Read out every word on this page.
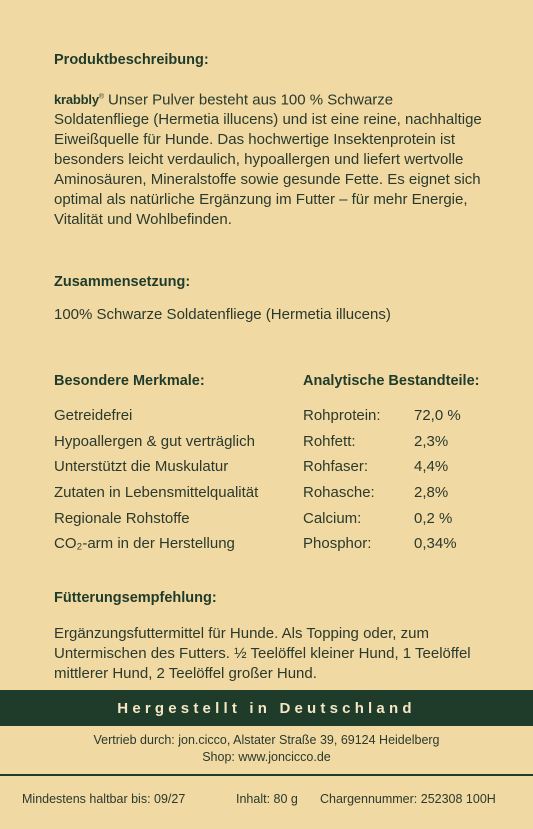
Produktbeschreibung:
krabbly® Unser Pulver besteht aus 100 % Schwarze Soldatenfliege (Hermetia illucens) und ist eine reine, nachhaltige Eiweißquelle für Hunde. Das hochwertige Insektenprotein ist besonders leicht verdaulich, hypoallergen und liefert wertvolle Aminosäuren, Mineralstoffe sowie gesunde Fette. Es eignet sich optimal als natürliche Ergänzung im Futter – für mehr Energie, Vitalität und Wohlbefinden.
Zusammensetzung:
100% Schwarze Soldatenfliege (Hermetia illucens)
Besondere Merkmale:	Analytische Bestandteile:
Getreidefrei
Hypoallergen & gut verträglich
Unterstützt die Muskulatur
Zutaten in Lebensmittelqualität
Regionale Rohstoffe
CO₂-arm in der Herstellung
Rohprotein:
Rohfett:
Rohfaser:
Rohasche:
Calcium:
Phosphor:
72,0 %
2,3%
4,4%
2,8%
0,2 %
0,34%
Fütterungsempfehlung:
Ergänzungsfuttermittel für Hunde. Als Topping oder, zum Untermischen des Futters. ½ Teelöffel kleiner Hund, 1 Teelöffel mittlerer Hund, 2 Teelöffel großer Hund.
Hergestellt in Deutschland
Vertrieb durch: jon.cicco, Alstater Straße 39, 69124 Heidelberg
Shop: www.joncicco.de
Mindestens haltbar bis: 09/27	Inhalt: 80 g Chargennummer: 252308 100H
